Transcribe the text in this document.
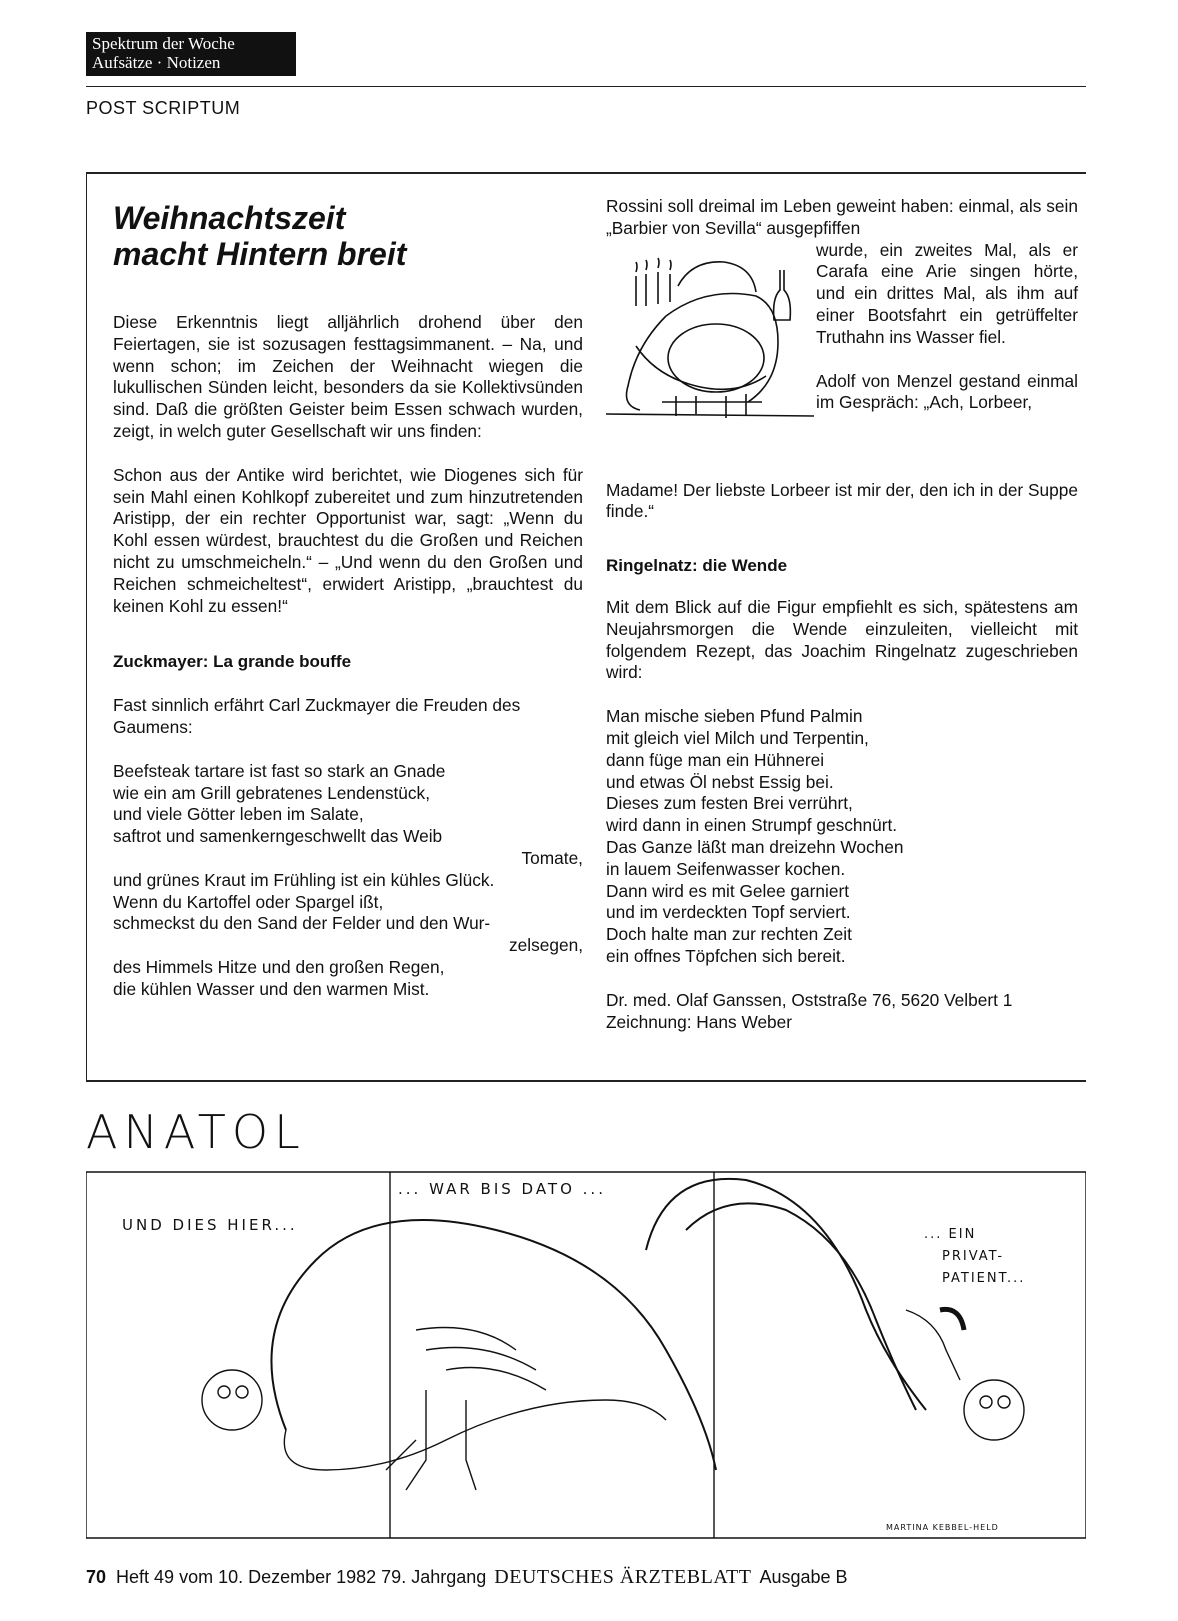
Spektrum der Woche
Aufsätze · Notizen
POST SCRIPTUM
Weihnachtszeit
macht Hintern breit

Diese Erkenntnis liegt alljährlich drohend über den Feiertagen, sie ist sozusagen festtagsimmanent. – Na, und wenn schon; im Zeichen der Weihnacht wiegen die lukullischen Sünden leicht, besonders da sie Kollektivsünden sind. Daß die größten Geister beim Essen schwach wurden, zeigt, in welch guter Gesellschaft wir uns finden:

Schon aus der Antike wird berichtet, wie Diogenes sich für sein Mahl einen Kohlkopf zubereitet und zum hinzutretenden Aristipp, der ein rechter Opportunist war, sagt: „Wenn du Kohl essen würdest, brauchtest du die Großen und Reichen nicht zu umschmeicheln.“ – „Und wenn du den Großen und Reichen schmeicheltest“, erwidert Aristipp, „brauchtest du keinen Kohl zu essen!“

Zuckmayer: La grande bouffe

Fast sinnlich erfährt Carl Zuckmayer die Freuden des Gaumens:

Beefsteak tartare ist fast so stark an Gnade

wie ein am Grill gebratenes Lendenstück,

und viele Götter leben im Salate,

saftrot und samenkerngeschwellt das Weib

Tomate,

und grünes Kraut im Frühling ist ein kühles Glück.

Wenn du Kartoffel oder Spargel ißt,

schmeckst du den Sand der Felder und den Wur-

zelsegen,

des Himmels Hitze und den großen Regen,

die kühlen Wasser und den warmen Mist.

Rossini soll dreimal im Leben geweint haben: einmal, als sein „Barbier von Sevilla“ ausgepfiffen

wurde, ein zweites Mal, als er Carafa eine Arie singen hörte, und ein drittes Mal, als ihm auf einer Bootsfahrt ein getrüffelter Truthahn ins Wasser fiel.

Adolf von Menzel gestand einmal im Gespräch: „Ach, Lorbeer,

Madame! Der liebste Lorbeer ist mir der, den ich in der Suppe finde.“

Ringelnatz: die Wende

Mit dem Blick auf die Figur empfiehlt es sich, spätestens am Neujahrsmorgen die Wende einzuleiten, vielleicht mit folgendem Rezept, das Joachim Ringelnatz zugeschrieben wird:

Man mische sieben Pfund Palmin

mit gleich viel Milch und Terpentin,

dann füge man ein Hühnerei

und etwas Öl nebst Essig bei.

Dieses zum festen Brei verrührt,

wird dann in einen Strumpf geschnürt.

Das Ganze läßt man dreizehn Wochen

in lauem Seifenwasser kochen.

Dann wird es mit Gelee garniert

und im verdeckten Topf serviert.

Doch halte man zur rechten Zeit

ein offnes Töpfchen sich bereit.

Dr. med. Olaf Ganssen, Oststraße 76, 5620 Velbert 1

Zeichnung: Hans Weber

ANATOL
UND DIES HIER...
... WAR BIS DATO ...
... EIN
PRIVAT-
PATIENT...
MARTINA KEBBEL-HELD
70 Heft 49 vom 10. Dezember 1982 79. Jahrgang DEUTSCHES ÄRZTEBLATT Ausgabe B
